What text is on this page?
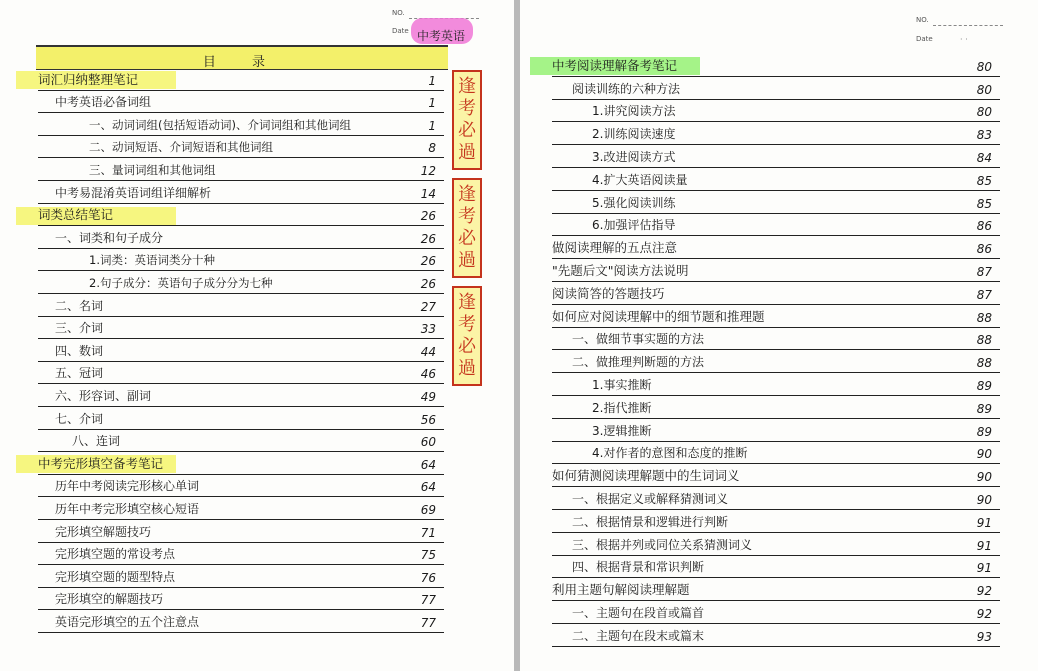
NO.
Date 中考英语
目 录
词汇归纳整理笔记	1
中考英语必备词组	1
一、动词词组(包括短语动词)、介词词组和其他词组	1
二、动词短语、介词短语和其他词组	8
三、量词词组和其他词组	12
中考易混淆英语词组详细解析	14
词类总结笔记	26
一、词类和句子成分	26
1.词类：英语词类分十种	26
2.句子成分：英语句子成分分为七种	26
二、名词	27
三、介词	33
四、数词	44
五、冠词	46
六、形容词、副词	49
七、介词	56
八、连词	60
中考完形填空备考笔记	64
历年中考阅读完形核心单词	64
历年中考完形填空核心短语	69
完形填空解题技巧	71
完形填空题的常设考点	75
完形填空题的题型特点	76
完形填空的解题技巧	77
英语完形填空的五个注意点	77
逢考必過
逢考必過
逢考必過
NO.
Date	· ·
中考阅读理解备考笔记	80
阅读训练的六种方法	80
1.讲究阅读方法	80
2.训练阅读速度	83
3.改进阅读方式	84
4.扩大英语阅读量	85
5.强化阅读训练	85
6.加强评估指导	86
做阅读理解的五点注意	86
"先题后文"阅读方法说明	87
阅读简答的答题技巧	87
如何应对阅读理解中的细节题和推理题	88
一、做细节事实题的方法	88
二、做推理判断题的方法	88
1.事实推断	89
2.指代推断	89
3.逻辑推断	89
4.对作者的意图和态度的推断	90
如何猜测阅读理解题中的生词词义	90
一、根据定义或解释猜测词义	90
二、根据情景和逻辑进行判断	91
三、根据并列或同位关系猜测词义	91
四、根据背景和常识判断	91
利用主题句解阅读理解题	92
一、主题句在段首或篇首	92
二、主题句在段末或篇末	93
